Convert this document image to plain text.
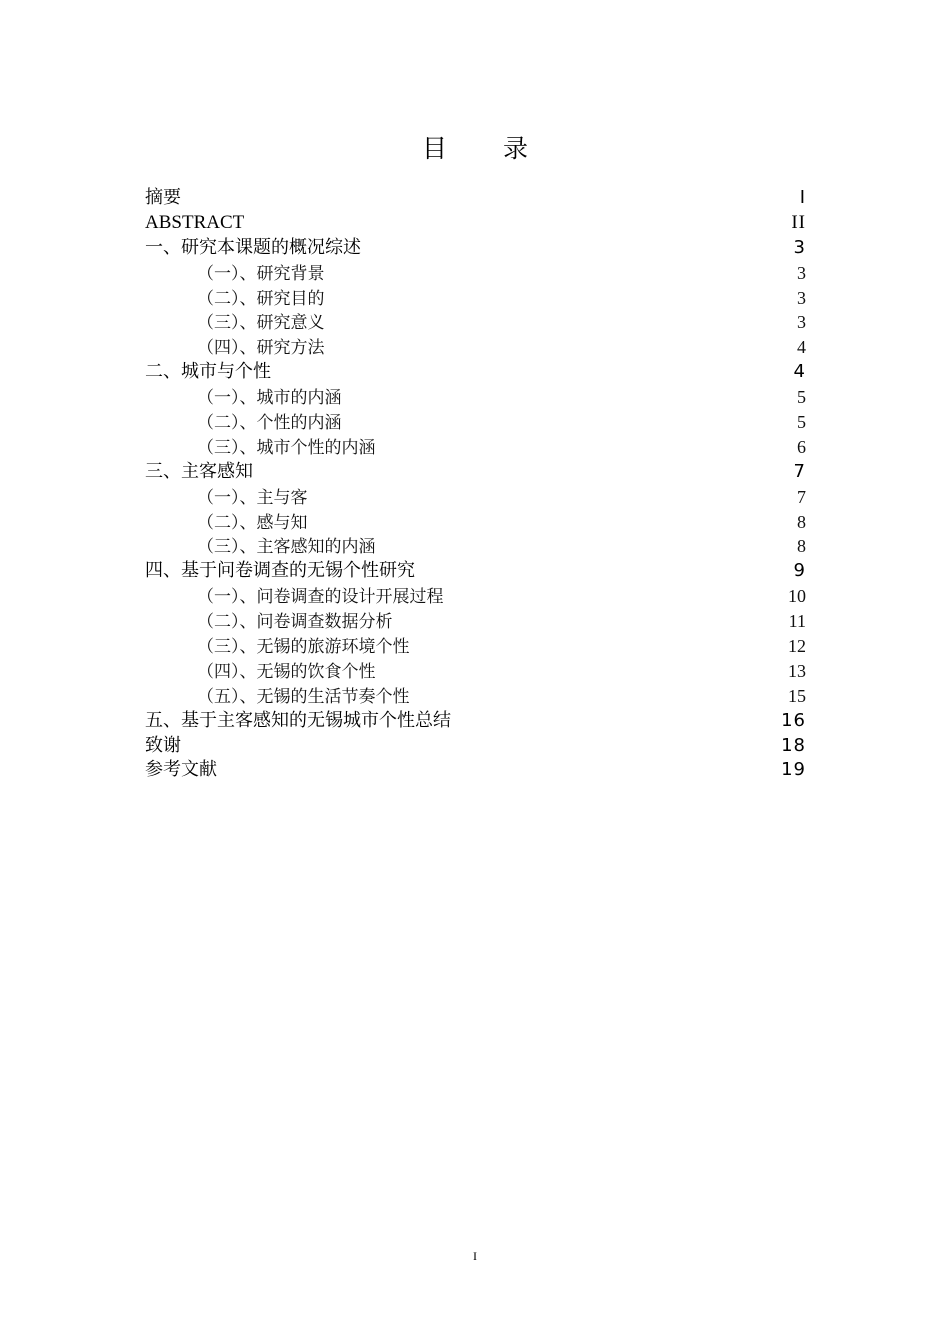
目 录
摘要	I
ABSTRACT	II
一、研究本课题的概况综述	3
（一）、研究背景	3
（二）、研究目的	3
（三）、研究意义	3
（四）、研究方法	4
二、城市与个性	4
（一）、城市的内涵	5
（二）、个性的内涵	5
（三）、城市个性的内涵	6
三、主客感知	7
（一）、主与客	7
（二）、感与知	8
（三）、主客感知的内涵	8
四、基于问卷调查的无锡个性研究	9
（一）、问卷调查的设计开展过程	10
（二）、问卷调查数据分析	11
（三）、无锡的旅游环境个性	12
（四）、无锡的饮食个性	13
（五）、无锡的生活节奏个性	15
五、基于主客感知的无锡城市个性总结	16
致谢	18
参考文献	19
I
